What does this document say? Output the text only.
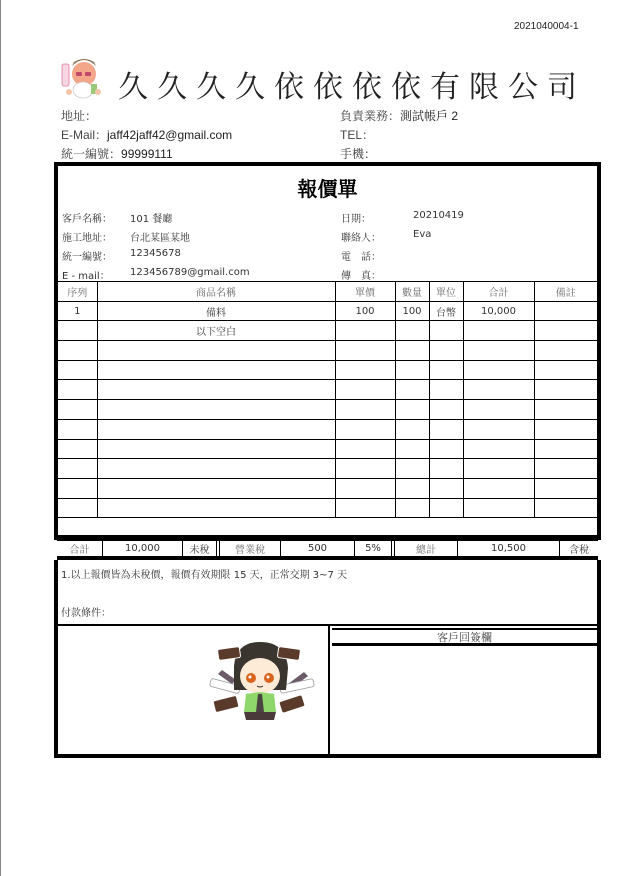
2021040004-1
久久久久依依依依有限公司
地址：
E-Mail：jaff42jaff42@gmail.com
統一編號：99999111
負責業務：測試帳戶 2
TEL：
手機：
報價單
客戶名稱： 101 餐廳
施工地址： 台北某區某地
統一編號： 12345678
E - mail： 123456789@gmail.com
日期：	20210419
聯絡人：	Eva
電　話：
傳　真：
序列	商品名稱	單價	數量	單位	合計	備註
1	備料	100	100	台幣	10,000	
	以下空白					

合計	10,000	未稅	營業稅	500	5%	總計	10,500	含稅
1.以上報價皆為未稅價，報價有效期限 15 天，正常交期 3~7 天
付款條件：
客戶回簽欄
